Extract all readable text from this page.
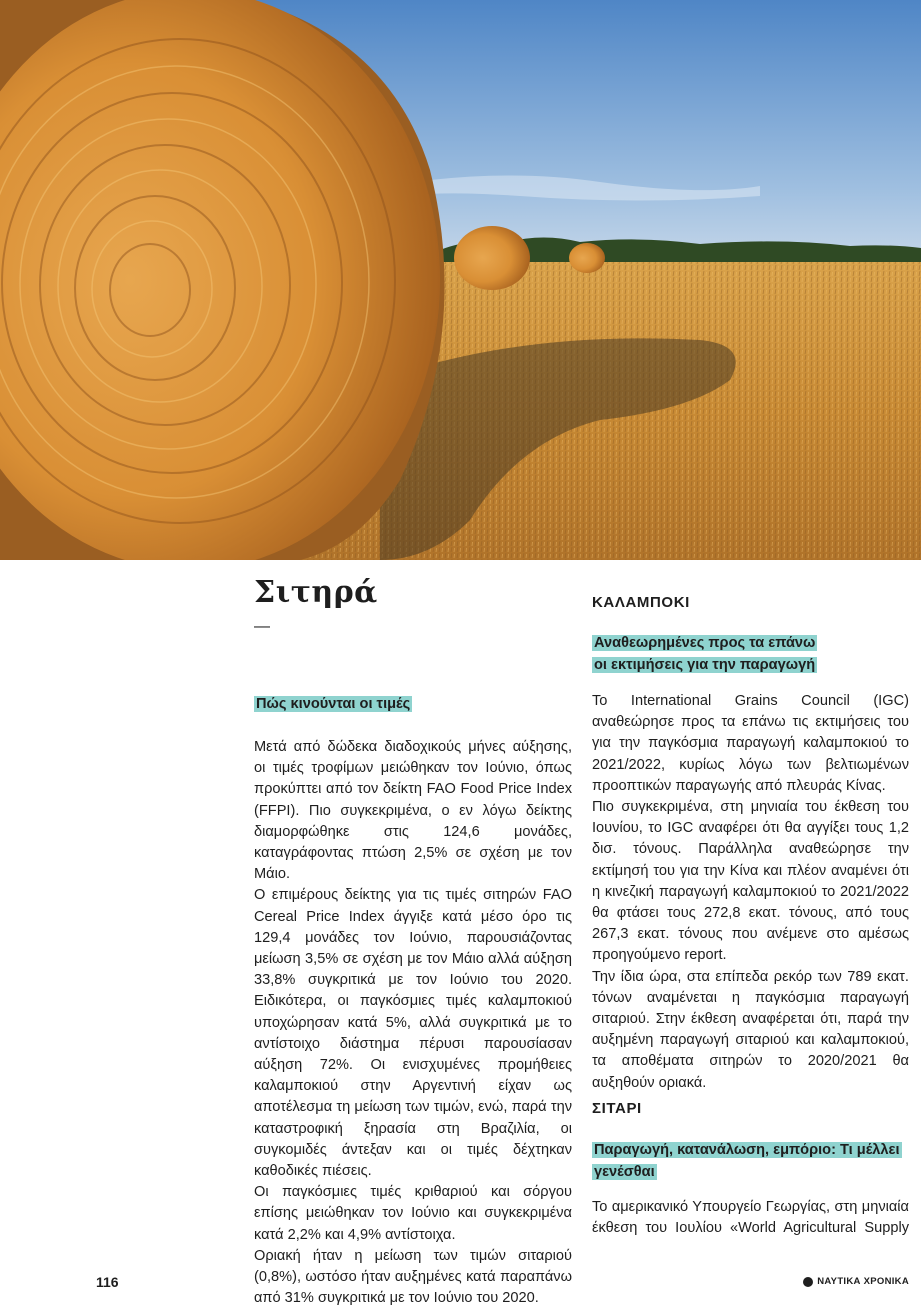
Σιτηρά
—
Πώς κινούνται οι τιμές

Μετά από δώδεκα διαδοχικούς μήνες αύξησης, οι τιμές τροφίμων μειώθηκαν τον Ιούνιο, όπως προκύπτει από τον δείκτη FAO Food Price Index (FFPI). Πιο συγκεκριμένα, ο εν λόγω δείκτης διαμορφώθηκε στις 124,6 μονάδες, καταγράφοντας πτώση 2,5% σε σχέση με τον Μάιο.

Ο επιμέρους δείκτης για τις τιμές σιτηρών FAO Cereal Price Index άγγιξε κατά μέσο όρο τις 129,4 μονάδες τον Ιούνιο, παρουσιάζοντας μείωση 3,5% σε σχέση με τον Μάιο αλλά αύξηση 33,8% συγκριτικά με τον Ιούνιο του 2020. Ειδικότερα, οι παγκόσμιες τιμές καλαμποκιού υποχώρησαν κατά 5%, αλλά συγκριτικά με το αντίστοιχο διάστημα πέρυσι παρουσίασαν αύξηση 72%. Οι ενισχυμένες προμήθειες καλαμποκιού στην Αργεντινή είχαν ως αποτέλεσμα τη μείωση των τιμών, ενώ, παρά την καταστροφική ξηρασία στη Βραζιλία, οι συγκομιδές άντεξαν και οι τιμές δέχτηκαν καθοδικές πιέσεις.

Οι παγκόσμιες τιμές κριθαριού και σόργου επίσης μειώθηκαν τον Ιούνιο και συγκεκριμένα κατά 2,2% και 4,9% αντίστοιχα.

Οριακή ήταν η μείωση των τιμών σιταριού (0,8%), ωστόσο ήταν αυξημένες κατά παραπάνω από 31% συγκριτικά με τον Ιούνιο του 2020.

ΚΑΛΑΜΠΟΚΙ
Αναθεωρημένες προς τα επάνω οι εκτιμήσεις για την παραγωγή

Το International Grains Council (IGC) αναθεώρησε προς τα επάνω τις εκτιμήσεις του για την παγκόσμια παραγωγή καλαμποκιού το 2021/2022, κυρίως λόγω των βελτιωμένων προοπτικών παραγωγής από πλευράς Κίνας.

Πιο συγκεκριμένα, στη μηνιαία του έκθεση του Ιουνίου, το IGC αναφέρει ότι θα αγγίξει τους 1,2 δισ. τόνους. Παράλληλα αναθεώρησε την εκτίμησή του για την Κίνα και πλέον αναμένει ότι η κινεζική παραγωγή καλαμποκιού το 2021/2022 θα φτάσει τους 272,8 εκατ. τόνους, από τους 267,3 εκατ. τόνους που ανέμενε στο αμέσως προηγούμενο report.

Την ίδια ώρα, στα επίπεδα ρεκόρ των 789 εκατ. τόνων αναμένεται η παγκόσμια παραγωγή σιταριού. Στην έκθεση αναφέρεται ότι, παρά την αυξημένη παραγωγή σιταριού και καλαμποκιού, τα αποθέματα σιτηρών το 2020/2021 θα αυξηθούν οριακά.

ΣΙΤΑΡΙ
Παραγωγή, κατανάλωση, εμπόριο: Τι μέλλει γενέσθαι

Το αμερικανικό Υπουργείο Γεωργίας, στη μηνιαία έκθεση του Ιουλίου «World Agricultural Supply

116	ΝΑΥΤΙΚΑ ΧΡΟΝΙΚΑ
